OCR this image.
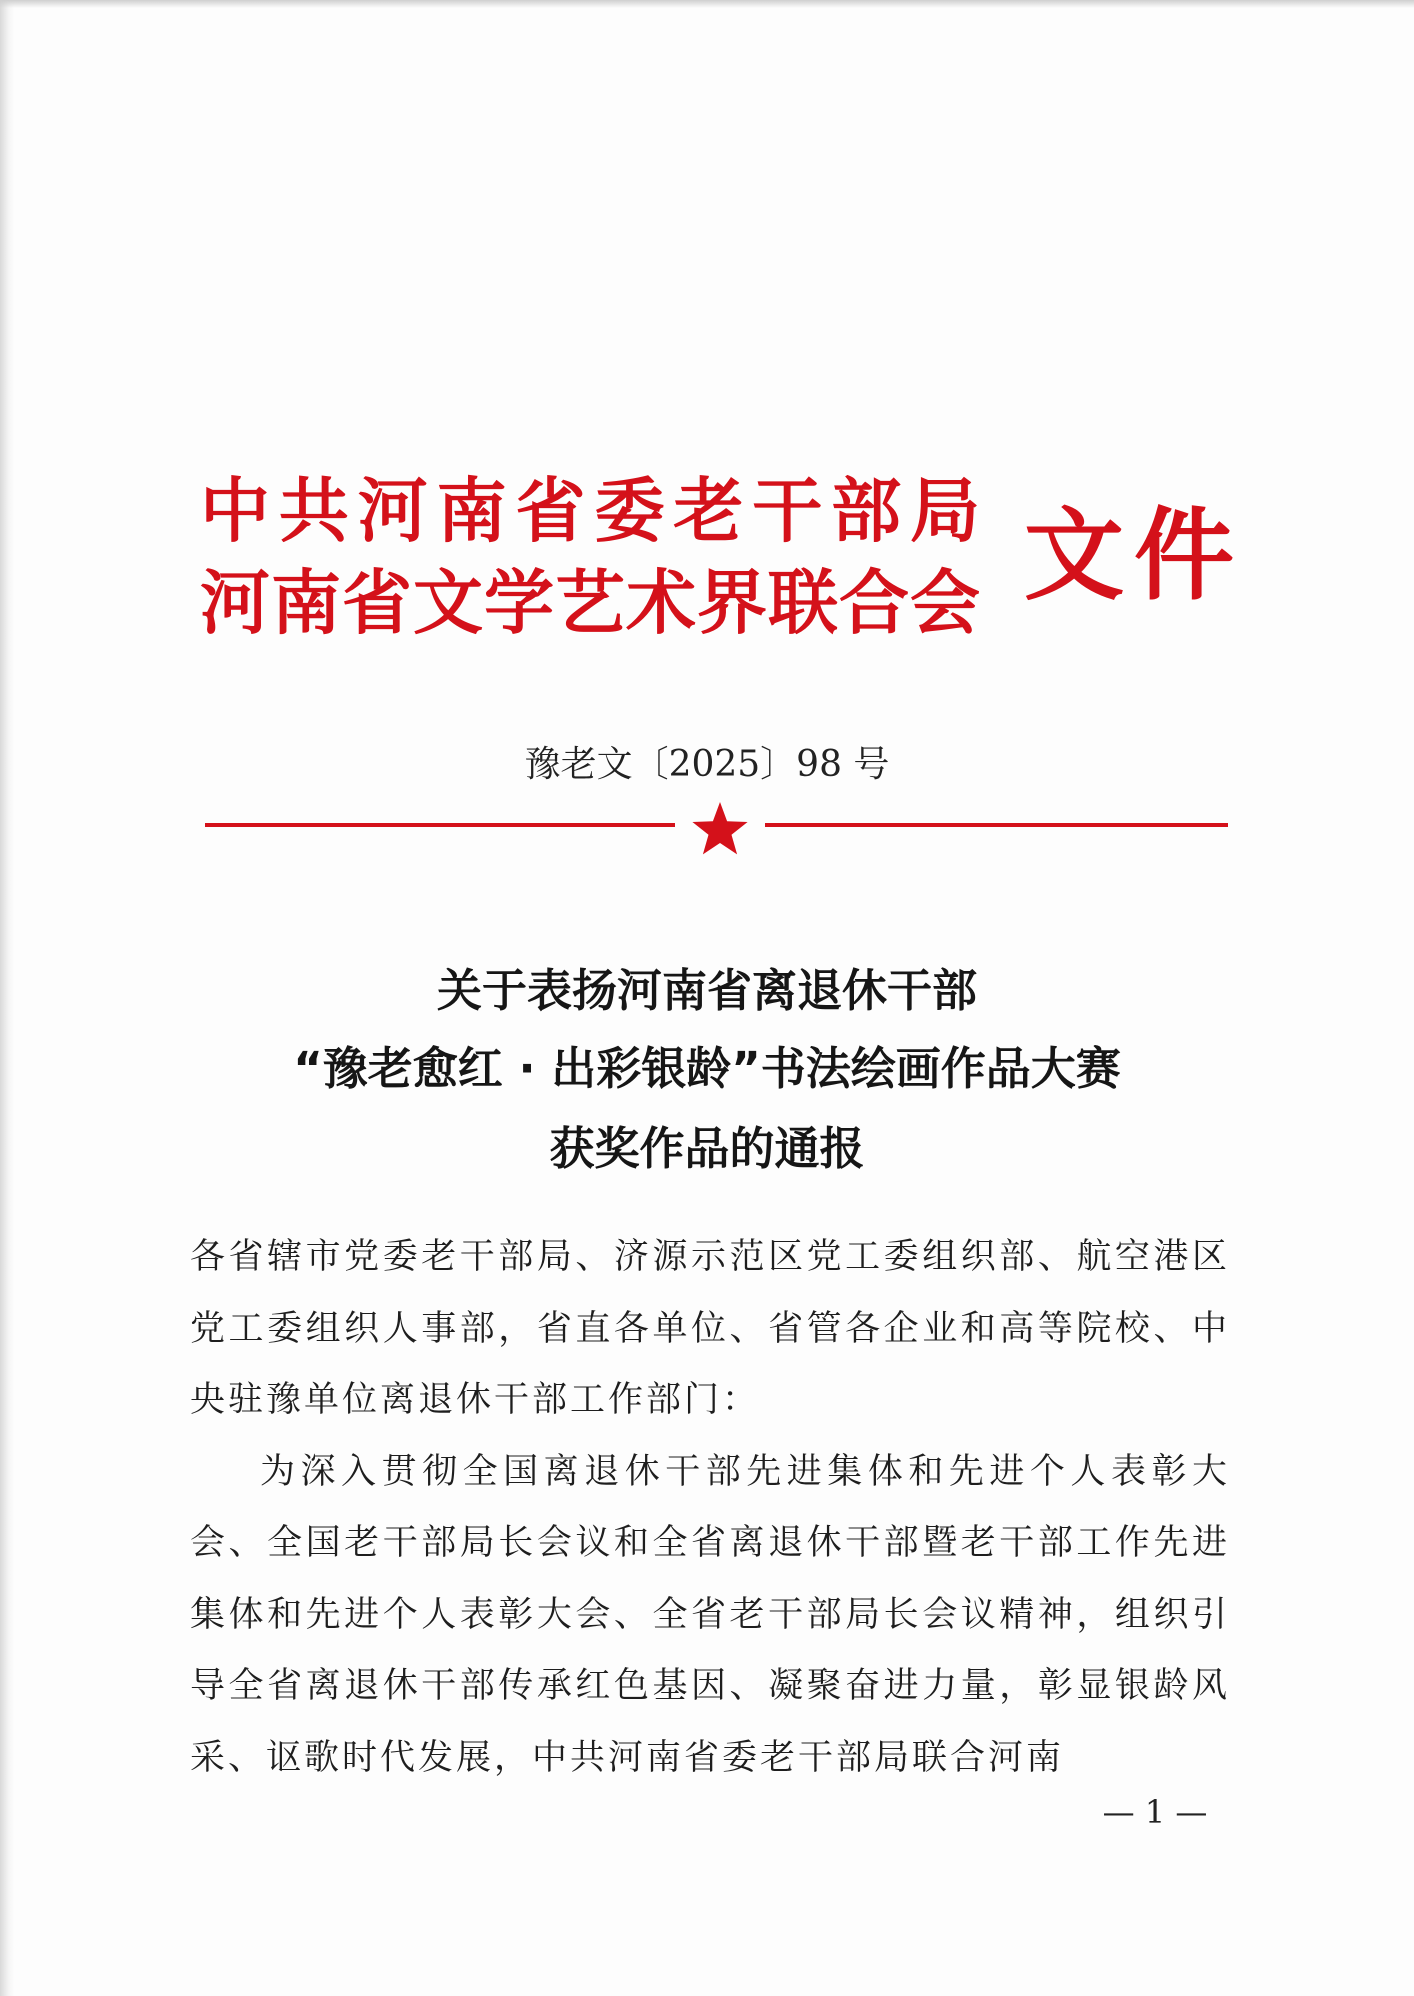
中共河南省委老干部局
河南省文学艺术界联合会 文件
豫老文〔2025〕98 号
关于表扬河南省离退休干部
“豫老愈红 · 出彩银龄”书法绘画作品大赛
获奖作品的通报

各省辖市党委老干部局、济源示范区党工委组织部、航空港区党工委组织人事部，省直各单位、省管各企业和高等院校、中央驻豫单位离退休干部工作部门：

为深入贯彻全国离退休干部先进集体和先进个人表彰大会、全国老干部局长会议和全省离退休干部暨老干部工作先进集体和先进个人表彰大会、全省老干部局长会议精神，组织引导全省离退休干部传承红色基因、凝聚奋进力量，彰显银龄风采、讴歌时代发展，中共河南省委老干部局联合河南

— 1 —
